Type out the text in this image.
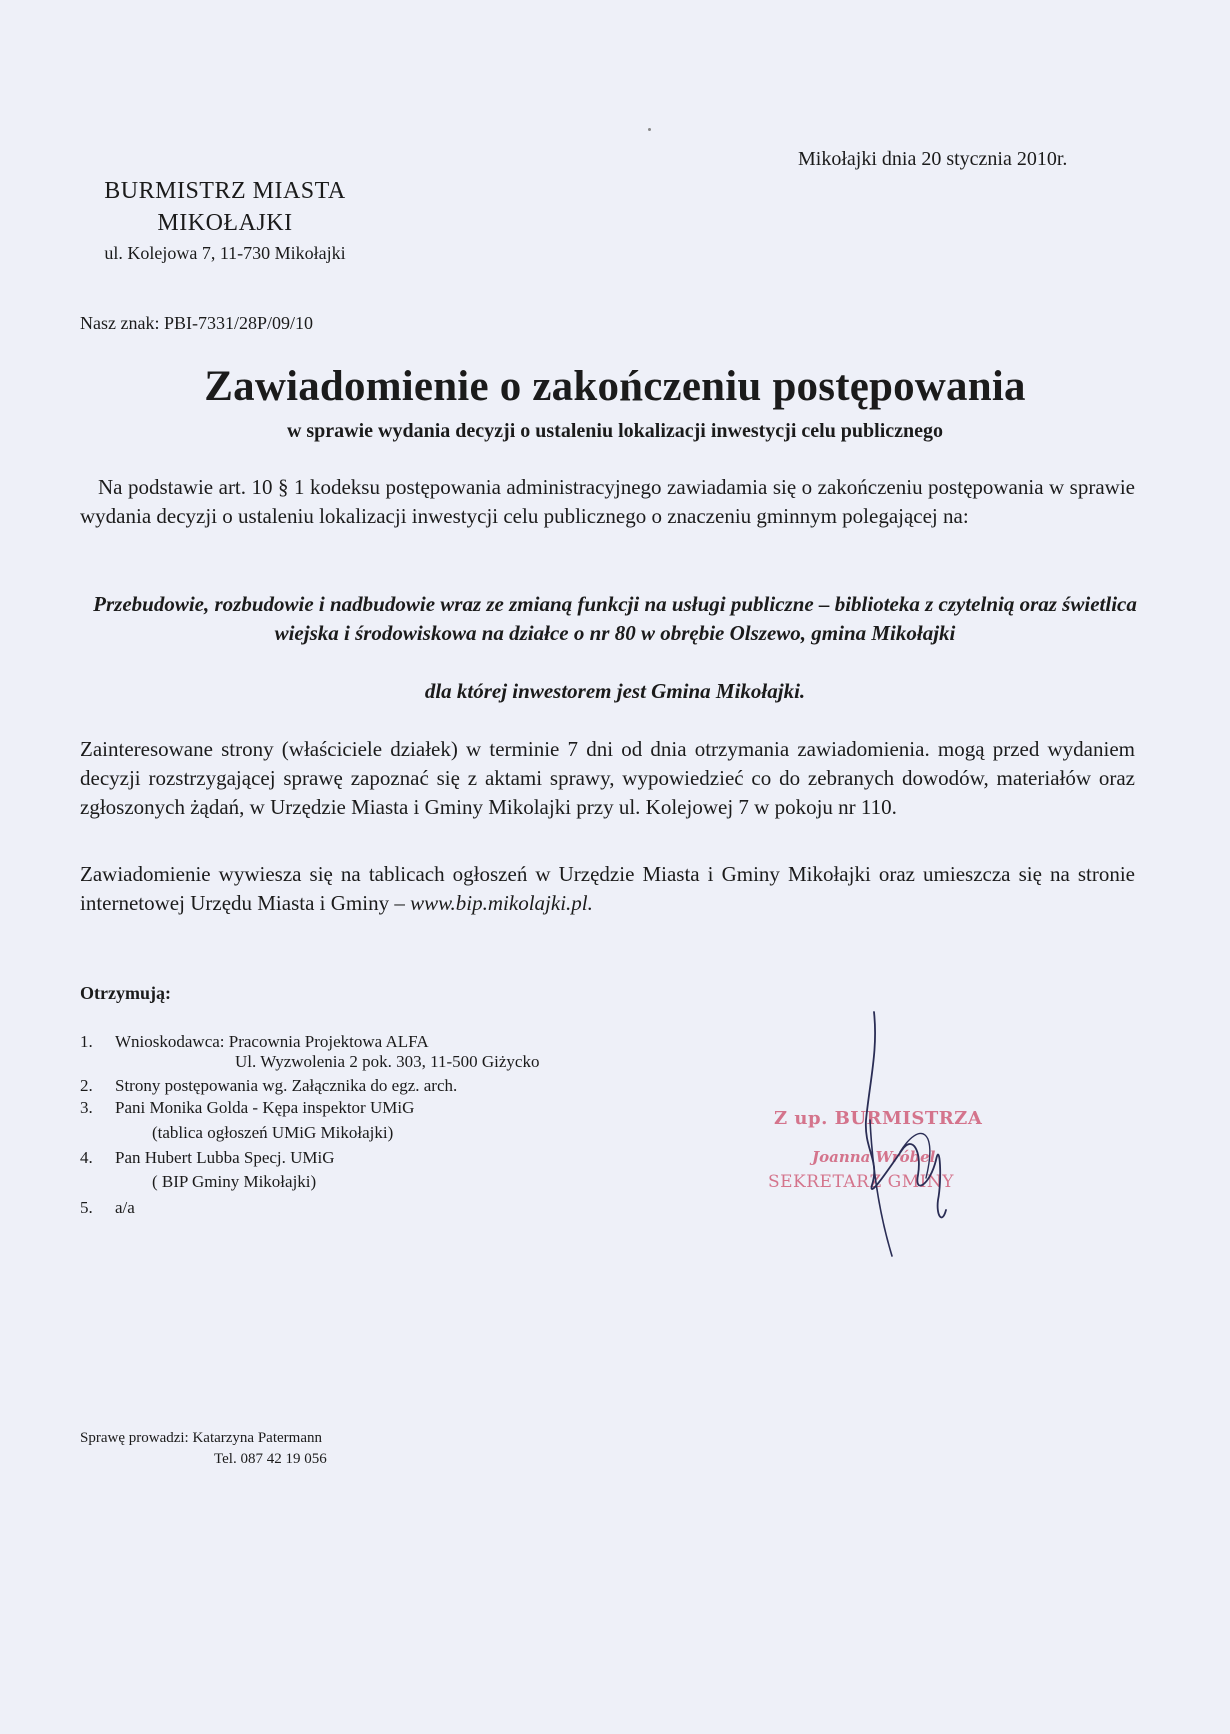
Mikołajki dnia 20 stycznia 2010r.
BURMISTRZ MIASTA
MIKOŁAJKI
ul. Kolejowa 7, 11-730 Mikołajki
Nasz znak: PBI-7331/28P/09/10
Zawiadomienie o zakończeniu postępowania
w sprawie wydania decyzji o ustaleniu lokalizacji inwestycji celu publicznego
Na podstawie art. 10 § 1 kodeksu postępowania administracyjnego zawiadamia się o zakończeniu postępowania w sprawie wydania decyzji o ustaleniu lokalizacji inwestycji celu publicznego o znaczeniu gminnym polegającej na:
Przebudowie, rozbudowie i nadbudowie wraz ze zmianą funkcji na usługi publiczne – biblioteka z czytelnią oraz świetlica wiejska i środowiskowa na działce o nr 80 w obrębie Olszewo, gmina Mikołajki
dla której inwestorem jest Gmina Mikołajki.
Zainteresowane strony (właściciele działek) w terminie 7 dni od dnia otrzymania zawiadomienia. mogą przed wydaniem decyzji rozstrzygającej sprawę zapoznać się z aktami sprawy, wypowiedzieć co do zebranych dowodów, materiałów oraz zgłoszonych żądań, w Urzędzie Miasta i Gminy Mikolajki przy ul. Kolejowej 7 w pokoju nr 110.
Zawiadomienie wywiesza się na tablicach ogłoszeń w Urzędzie Miasta i Gminy Mikołajki oraz umieszcza się na stronie internetowej Urzędu Miasta i Gminy – www.bip.mikolajki.pl.
Otrzymują:
1. Wnioskodawca: Pracownia Projektowa ALFA
Ul. Wyzwolenia 2 pok. 303, 11-500 Giżycko
2. Strony postępowania wg. Załącznika do egz. arch.
3. Pani Monika Golda - Kępa inspektor UMiG
(tablica ogłoszeń UMiG Mikołajki)
4. Pan Hubert Lubba Specj. UMiG
( BIP Gminy Mikołajki)
5. a/a
Z up. BURMISTRZA
Joanna Wróbel
SEKRETARZ GMINY
Sprawę prowadzi: Katarzyna Patermann
Tel. 087 42 19 056
